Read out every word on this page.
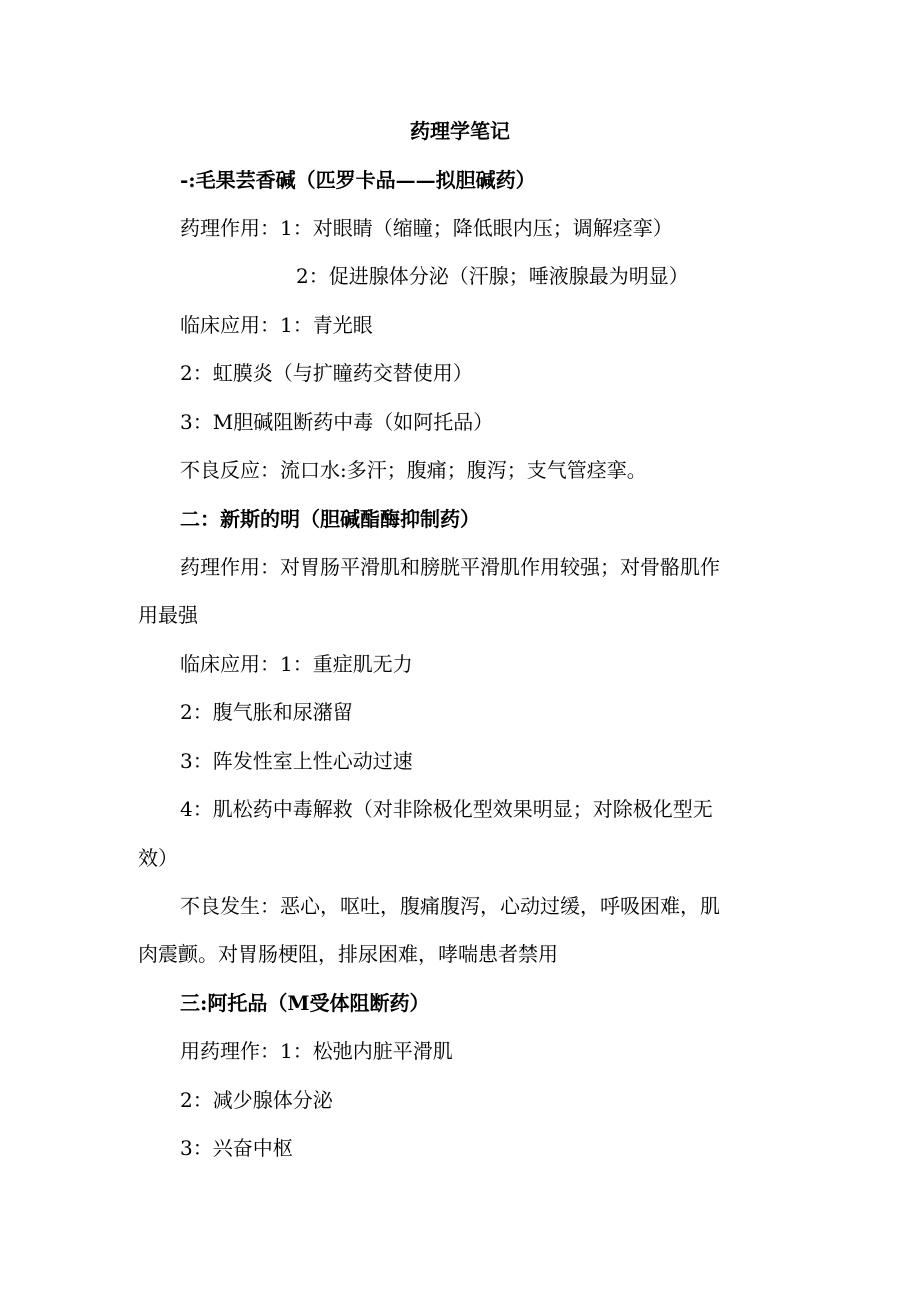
药理学笔记
-:毛果芸香碱（匹罗卡品——拟胆碱药）
药理作用：1：对眼睛（缩瞳；降低眼内压；调解痉挛）
2：促进腺体分泌（汗腺；唾液腺最为明显）
临床应用：1：青光眼
2：虹膜炎（与扩瞳药交替使用）
3：M胆碱阻断药中毒（如阿托品）
不良反应：流口水:多汗；腹痛；腹泻；支气管痉挛。
二：新斯的明（胆碱酯酶抑制药）
药理作用：对胃肠平滑肌和膀胱平滑肌作用较强；对骨骼肌作
用最强
临床应用：1：重症肌无力
2：腹气胀和尿潴留
3：阵发性室上性心动过速
4：肌松药中毒解救（对非除极化型效果明显；对除极化型无
效）
不良发生：恶心，呕吐，腹痛腹泻，心动过缓，呼吸困难，肌
肉震颤。对胃肠梗阻，排尿困难，哮喘患者禁用
三:阿托品（M受体阻断药）
用药理作：1：松弛内脏平滑肌
2：减少腺体分泌
3：兴奋中枢
